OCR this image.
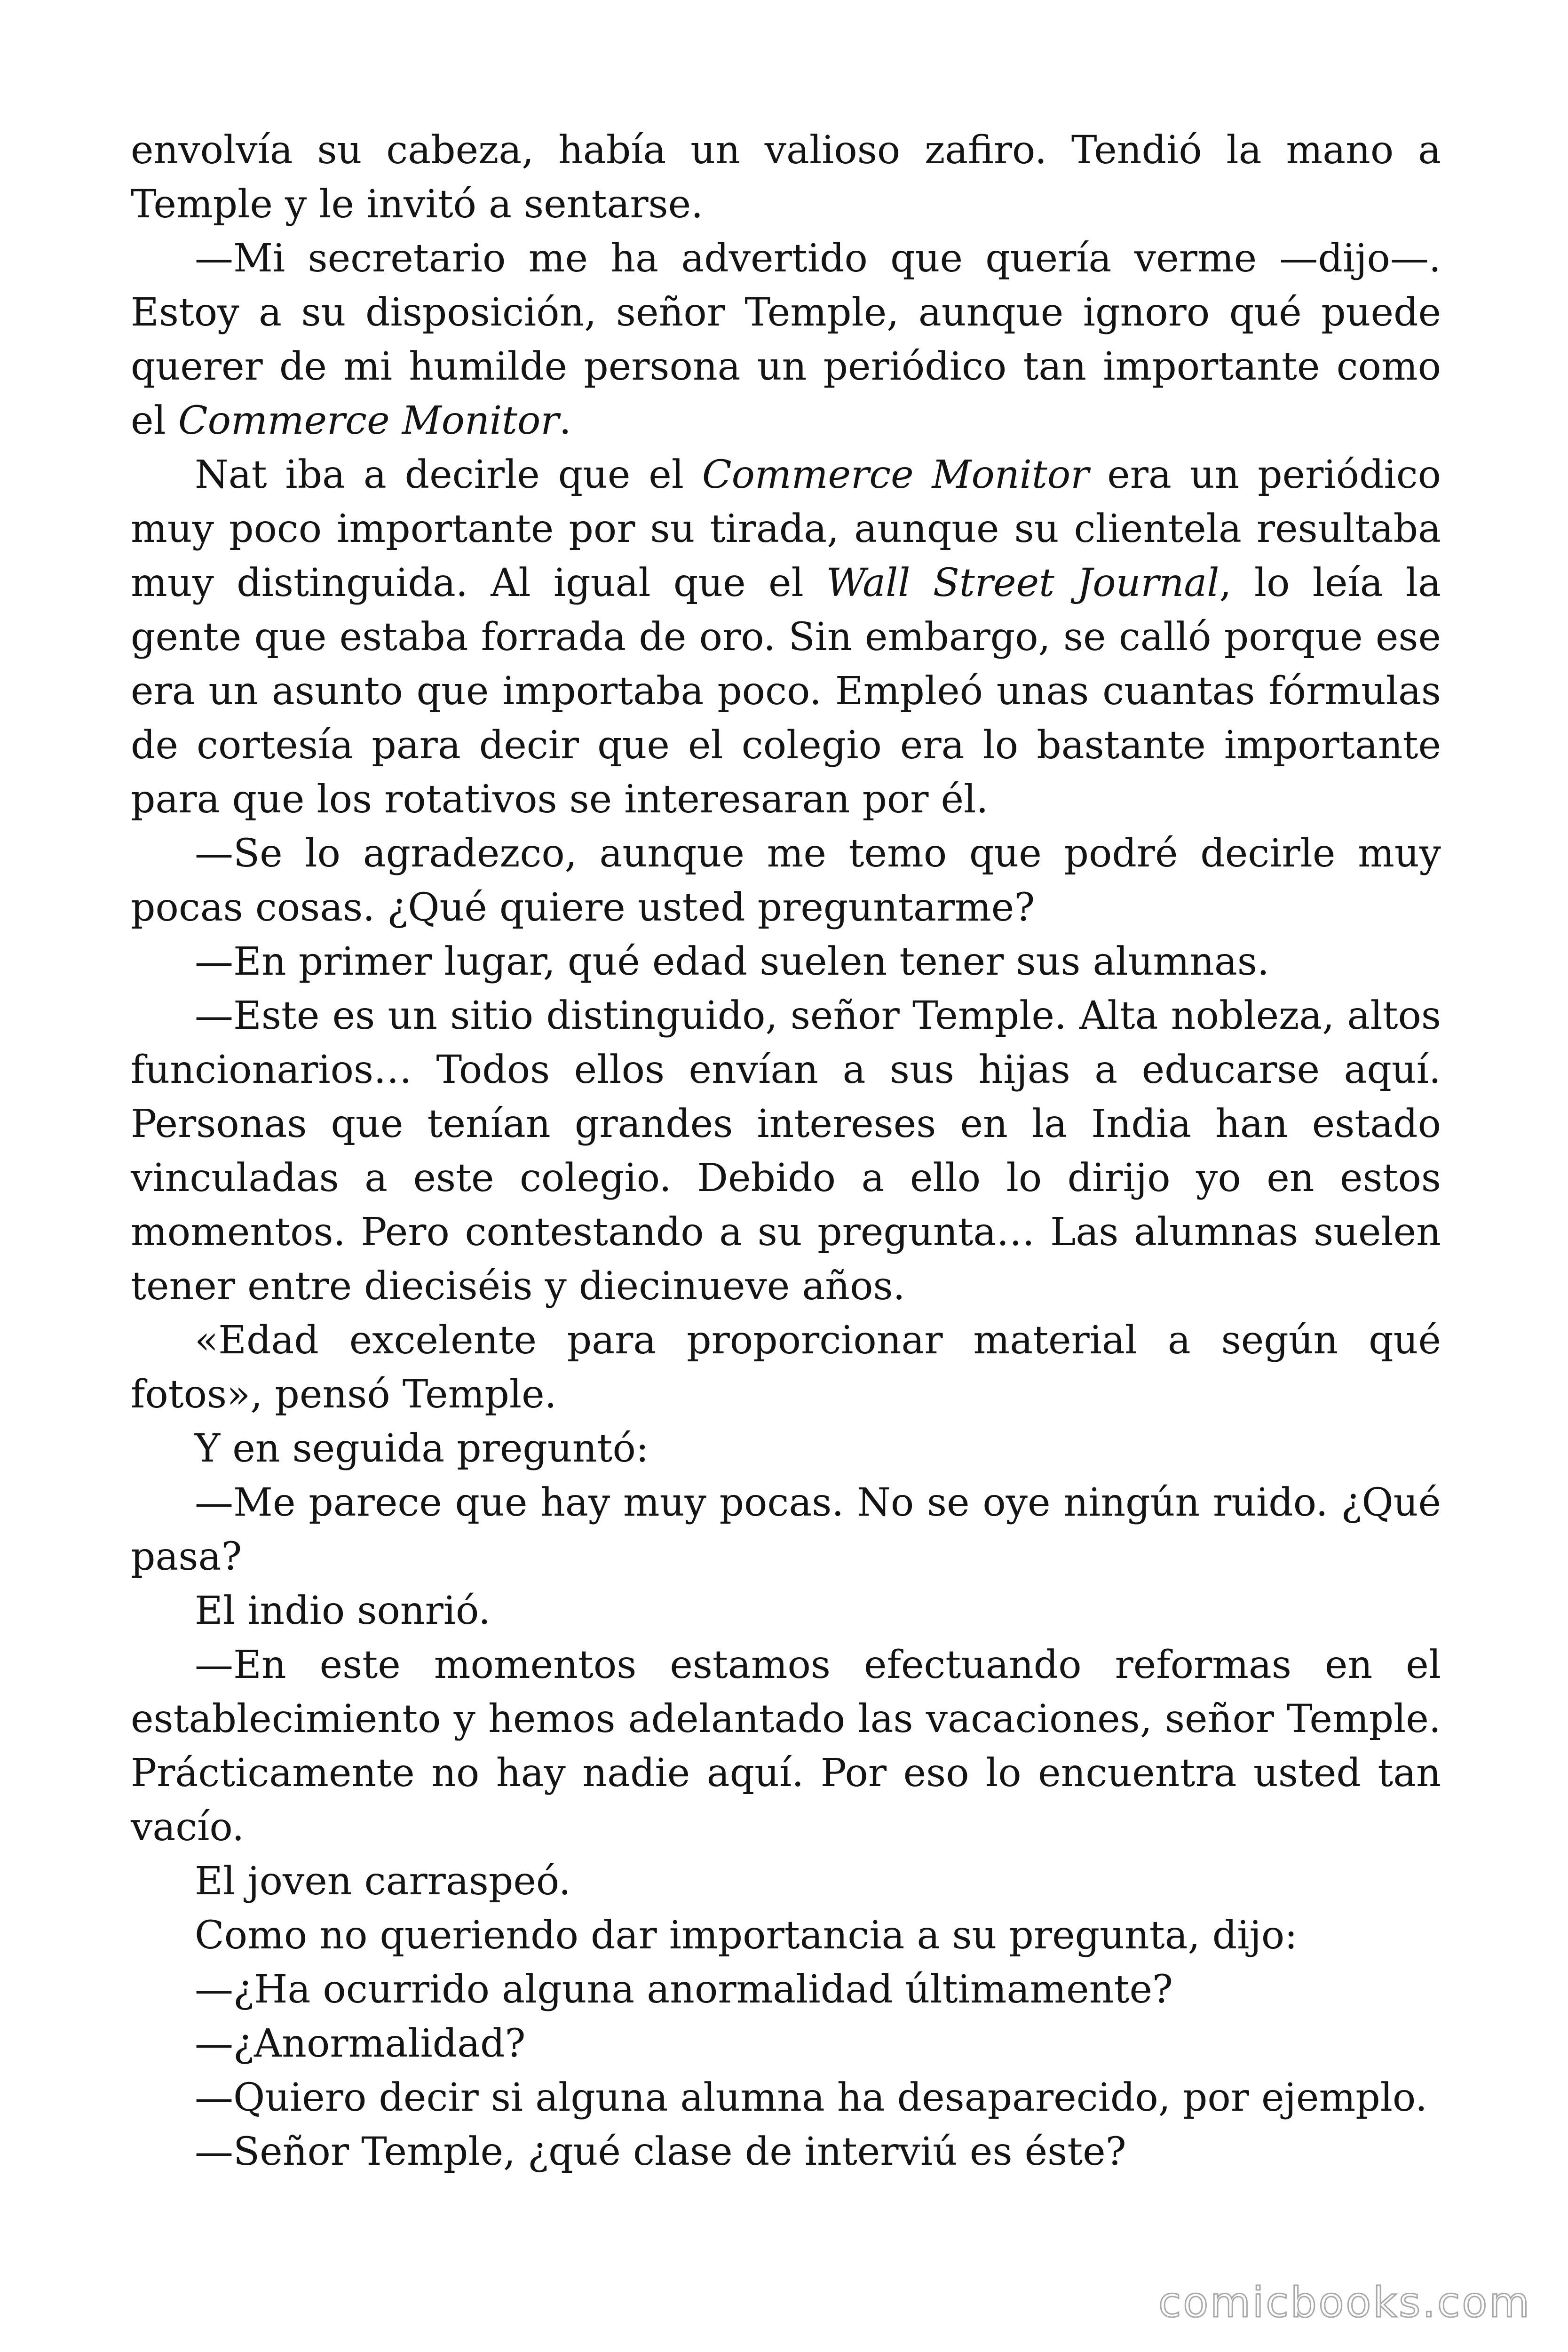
envolvía su cabeza, había un valioso zafiro. Tendió la mano a Temple y le invitó a sentarse.

—Mi secretario me ha advertido que quería verme —dijo—. Estoy a su disposición, señor Temple, aunque ignoro qué puede querer de mi humilde persona un periódico tan importante como el Commerce Monitor.

Nat iba a decirle que el Commerce Monitor era un periódico muy poco importante por su tirada, aunque su clientela resultaba muy distinguida. Al igual que el Wall Street Journal, lo leía la gente que estaba forrada de oro. Sin embargo, se calló porque ese era un asunto que importaba poco. Empleó unas cuantas fórmulas de cortesía para decir que el colegio era lo bastante importante para que los rotativos se interesaran por él.

—Se lo agradezco, aunque me temo que podré decirle muy pocas cosas. ¿Qué quiere usted preguntarme?

—En primer lugar, qué edad suelen tener sus alumnas.

—Este es un sitio distinguido, señor Temple. Alta nobleza, altos funcionarios… Todos ellos envían a sus hijas a educarse aquí. Personas que tenían grandes intereses en la India han estado vinculadas a este colegio. Debido a ello lo dirijo yo en estos momentos. Pero contestando a su pregunta… Las alumnas suelen tener entre dieciséis y diecinueve años.

«Edad excelente para proporcionar material a según qué fotos», pensó Temple.

Y en seguida preguntó:

—Me parece que hay muy pocas. No se oye ningún ruido. ¿Qué pasa?

El indio sonrió.

—En este momentos estamos efectuando reformas en el establecimiento y hemos adelantado las vacaciones, señor Temple. Prácticamente no hay nadie aquí. Por eso lo encuentra usted tan vacío.

El joven carraspeó.

Como no queriendo dar importancia a su pregunta, dijo:

—¿Ha ocurrido alguna anormalidad últimamente?

—¿Anormalidad?

—Quiero decir si alguna alumna ha desaparecido, por ejemplo.

—Señor Temple, ¿qué clase de interviú es éste?

comicbooks.com
